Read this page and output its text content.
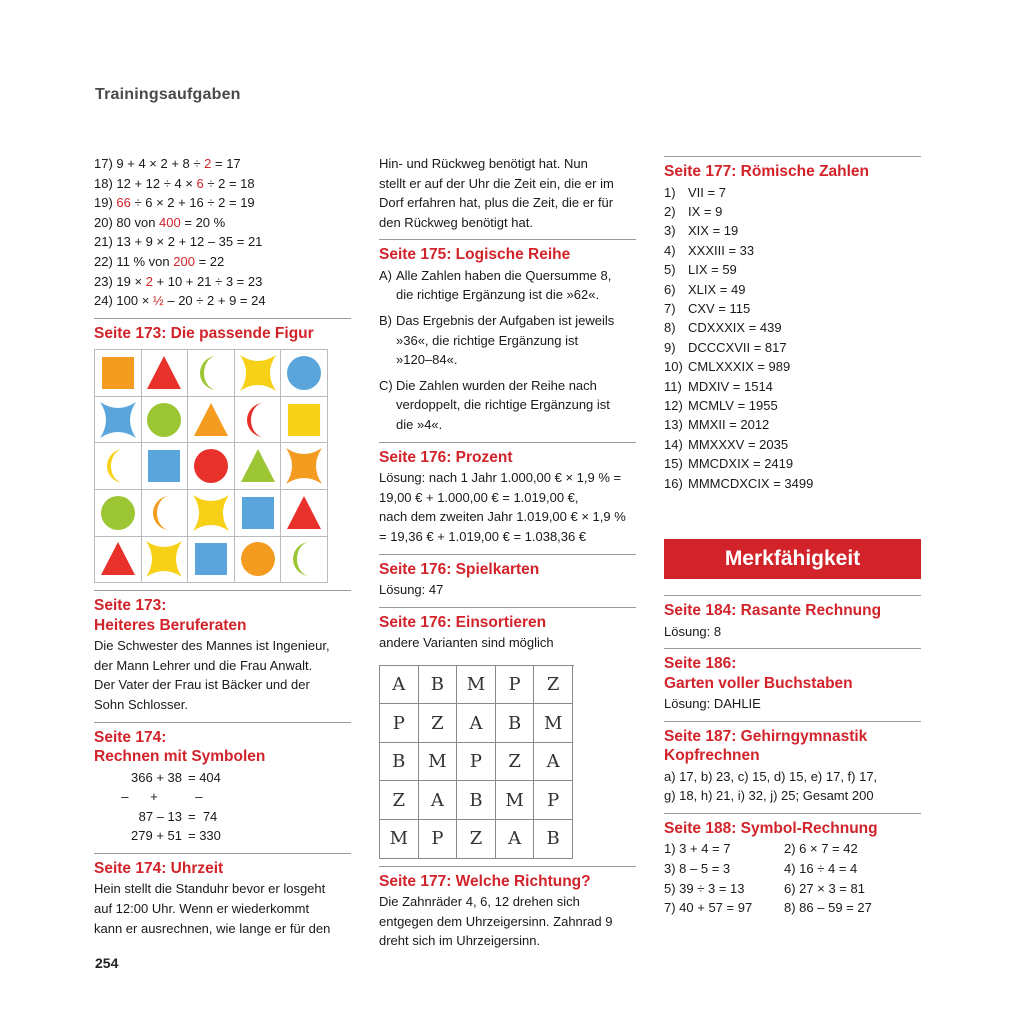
Trainingsaufgaben
17) 9 + 4 × 2 + 8 ÷ 2 = 17
18) 12 + 12 ÷ 4 × 6 ÷ 2 = 18
19) 66 ÷ 6 × 2 + 16 ÷ 2 = 19
20) 80 von 400 = 20 %
21) 13 + 9 × 2 + 12 – 35 = 21
22) 11 % von 200 = 22
23) 19 × 2 + 10 + 21 ÷ 3 = 23
24) 100 × ½ – 20 ÷ 2 + 9 = 24
Seite 173: Die passende Figur
Seite 173:
Heiteres Beruferaten
Die Schwester des Mannes ist Ingenieur,
der Mann Lehrer und die Frau Anwalt.
Der Vater der Frau ist Bäcker und der
Sohn Schlosser.
Seite 174:
Rechnen mit Symbolen
366 + 38 = 404
–      +	–
87 – 13 =  74
279 + 51 = 330
Seite 174: Uhrzeit
Hein stellt die Standuhr bevor er losgeht
auf 12:00 Uhr. Wenn er wiederkommt
kann er ausrechnen, wie lange er für den
Hin- und Rückweg benötigt hat. Nun
stellt er auf der Uhr die Zeit ein, die er im
Dorf erfahren hat, plus die Zeit, die er für
den Rückweg benötigt hat.
Seite 175: Logische Reihe
A) Alle Zahlen haben die Quersumme 8,
die richtige Ergänzung ist die »62«.
B) Das Ergebnis der Aufgaben ist jeweils
»36«, die richtige Ergänzung ist
»120–84«.
C) Die Zahlen wurden der Reihe nach
verdoppelt, die richtige Ergänzung ist
die »4«.
Seite 176: Prozent
Lösung: nach 1 Jahr 1.000,00 € × 1,9 % =
19,00 € + 1.000,00 € = 1.019,00 €,
nach dem zweiten Jahr 1.019,00 € × 1,9 %
= 19,36 € + 1.019,00 € = 1.038,36 €
Seite 176: Spielkarten
Lösung: 47
Seite 176: Einsortieren
andere Varianten sind möglich
A	B	M	P	Z
P	Z	A	B	M
B	M	P	Z	A
Z	A	B	M	P
M	P	Z	A	B
Seite 177: Welche Richtung?
Die Zahnräder 4, 6, 12 drehen sich
entgegen dem Uhrzeigersinn. Zahnrad 9
dreht sich im Uhrzeigersinn.
Seite 177: Römische Zahlen
1) VII = 7
2) IX = 9
3) XIX = 19
4) XXXIII = 33
5) LIX = 59
6) XLIX = 49
7) CXV = 115
8) CDXXXIX = 439
9) DCCCXVII = 817
10) CMLXXXIX = 989
11) MDXIV = 1514
12) MCMLV = 1955
13) MMXII = 2012
14) MMXXXV = 2035
15) MMCDXIX = 2419
16) MMMCDXCIX = 3499
Merkfähigkeit
Seite 184: Rasante Rechnung
Lösung: 8
Seite 186:
Garten voller Buchstaben
Lösung: DAHLIE
Seite 187: Gehirngymnastik
Kopfrechnen
a) 17, b) 23, c) 15, d) 15, e) 17, f) 17,
g) 18, h) 21, i) 32, j) 25; Gesamt 200
Seite 188: Symbol-Rechnung
1) 3 + 4 = 7	2) 6 × 7 = 42
3) 8 – 5 = 3	4) 16 ÷ 4 = 4
5) 39 ÷ 3 = 13	6) 27 × 3 = 81
7) 40 + 57 = 97	8) 86 – 59 = 27
254
